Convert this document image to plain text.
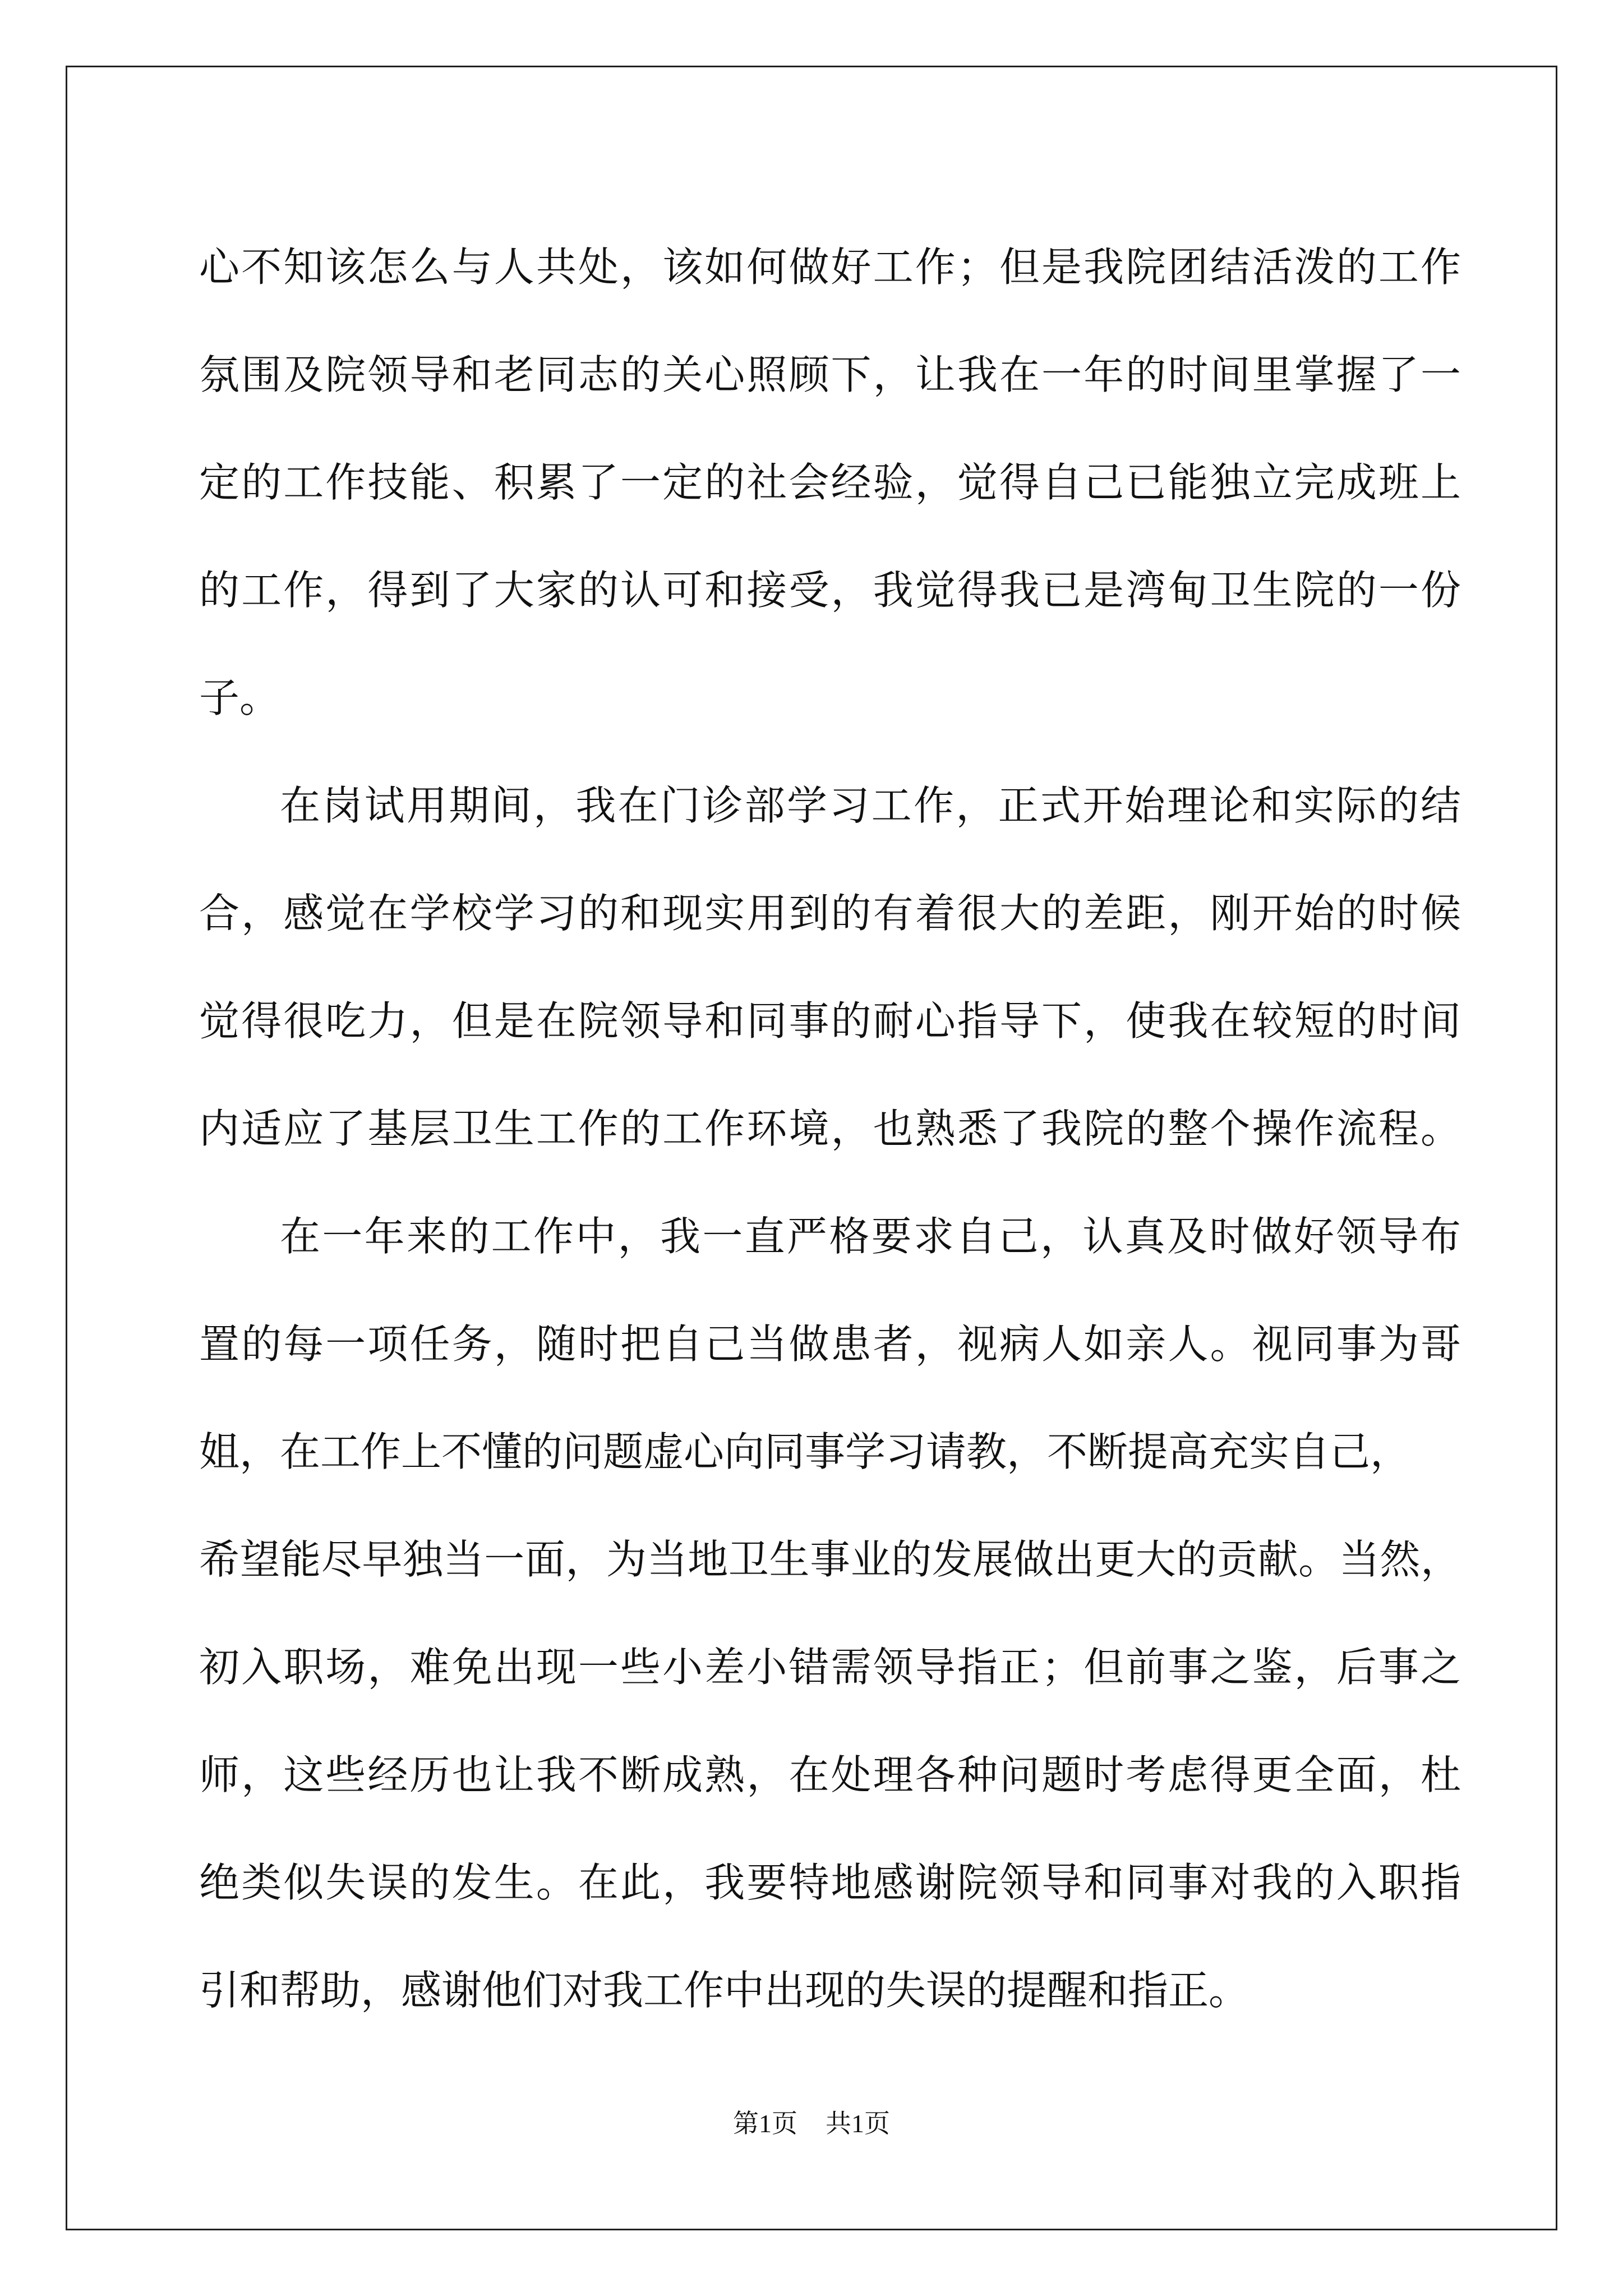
心不知该怎么与人共处，该如何做好工作；但是我院团结活泼的工作
氛围及院领导和老同志的关心照顾下，让我在一年的时间里掌握了一
定的工作技能、积累了一定的社会经验，觉得自己已能独立完成班上
的工作，得到了大家的认可和接受，我觉得我已是湾甸卫生院的一份
子。
在岗试用期间，我在门诊部学习工作，正式开始理论和实际的结
合，感觉在学校学习的和现实用到的有着很大的差距，刚开始的时候
觉得很吃力，但是在院领导和同事的耐心指导下，使我在较短的时间
内适应了基层卫生工作的工作环境，也熟悉了我院的整个操作流程。
在一年来的工作中，我一直严格要求自己，认真及时做好领导布
置的每一项任务，随时把自己当做患者，视病人如亲人。视同事为哥
姐，在工作上不懂的问题虚心向同事学习请教，不断提高充实自己，
希望能尽早独当一面，为当地卫生事业的发展做出更大的贡献。当然，
初入职场，难免出现一些小差小错需领导指正；但前事之鉴，后事之
师，这些经历也让我不断成熟，在处理各种问题时考虑得更全面，杜
绝类似失误的发生。在此，我要特地感谢院领导和同事对我的入职指
引和帮助，感谢他们对我工作中出现的失误的提醒和指正。
第1页 共1页
